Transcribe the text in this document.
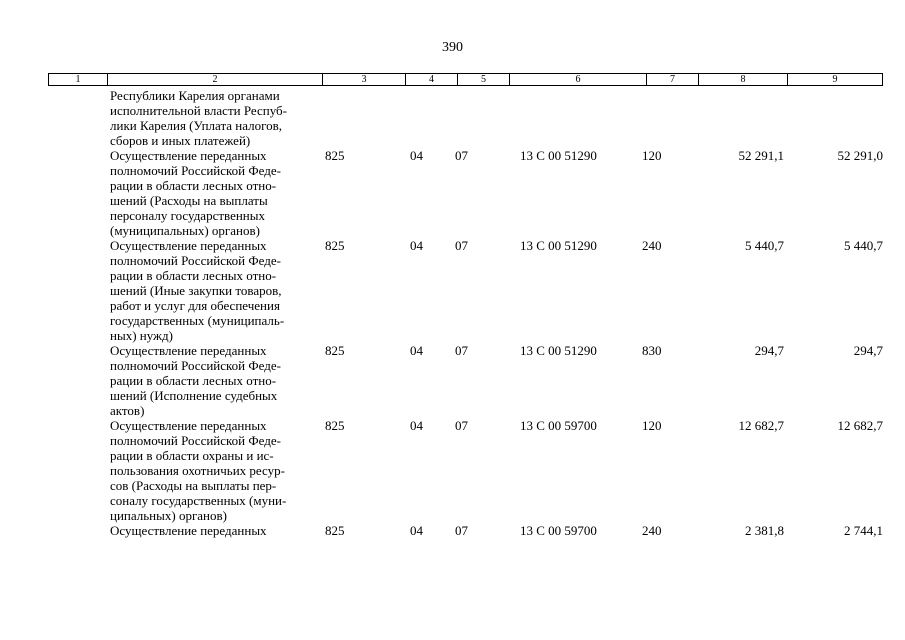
390
1	2	3	4	5	6	7	8	9
Республики Карелия органами
исполнительной власти Респуб-
лики Карелия (Уплата налогов,
сборов и иных платежей)
Осуществление переданных
полномочий Российской Феде-
рации в области лесных отно-
шений (Расходы на выплаты
персоналу государственных
(муниципальных) органов)
825	04 07	13 С 00 51290	120	52 291,1	52 291,0
Осуществление переданных
полномочий Российской Феде-
рации в области лесных отно-
шений (Иные закупки товаров,
работ и услуг для обеспечения
государственных (муниципаль-
ных) нужд)
825	04 07	13 С 00 51290	240	5 440,7	5 440,7
Осуществление переданных
полномочий Российской Феде-
рации в области лесных отно-
шений (Исполнение судебных
актов)
825	04 07	13 С 00 51290	830	294,7	294,7
Осуществление переданных
полномочий Российской Феде-
рации в области охраны и ис-
пользования охотничьих ресур-
сов (Расходы на выплаты пер-
соналу государственных (муни-
ципальных) органов)
825	04 07	13 С 00 59700	120	12 682,7	12 682,7
Осуществление переданных	825	04 07	13 С 00 59700	240	2 381,8	2 744,1
